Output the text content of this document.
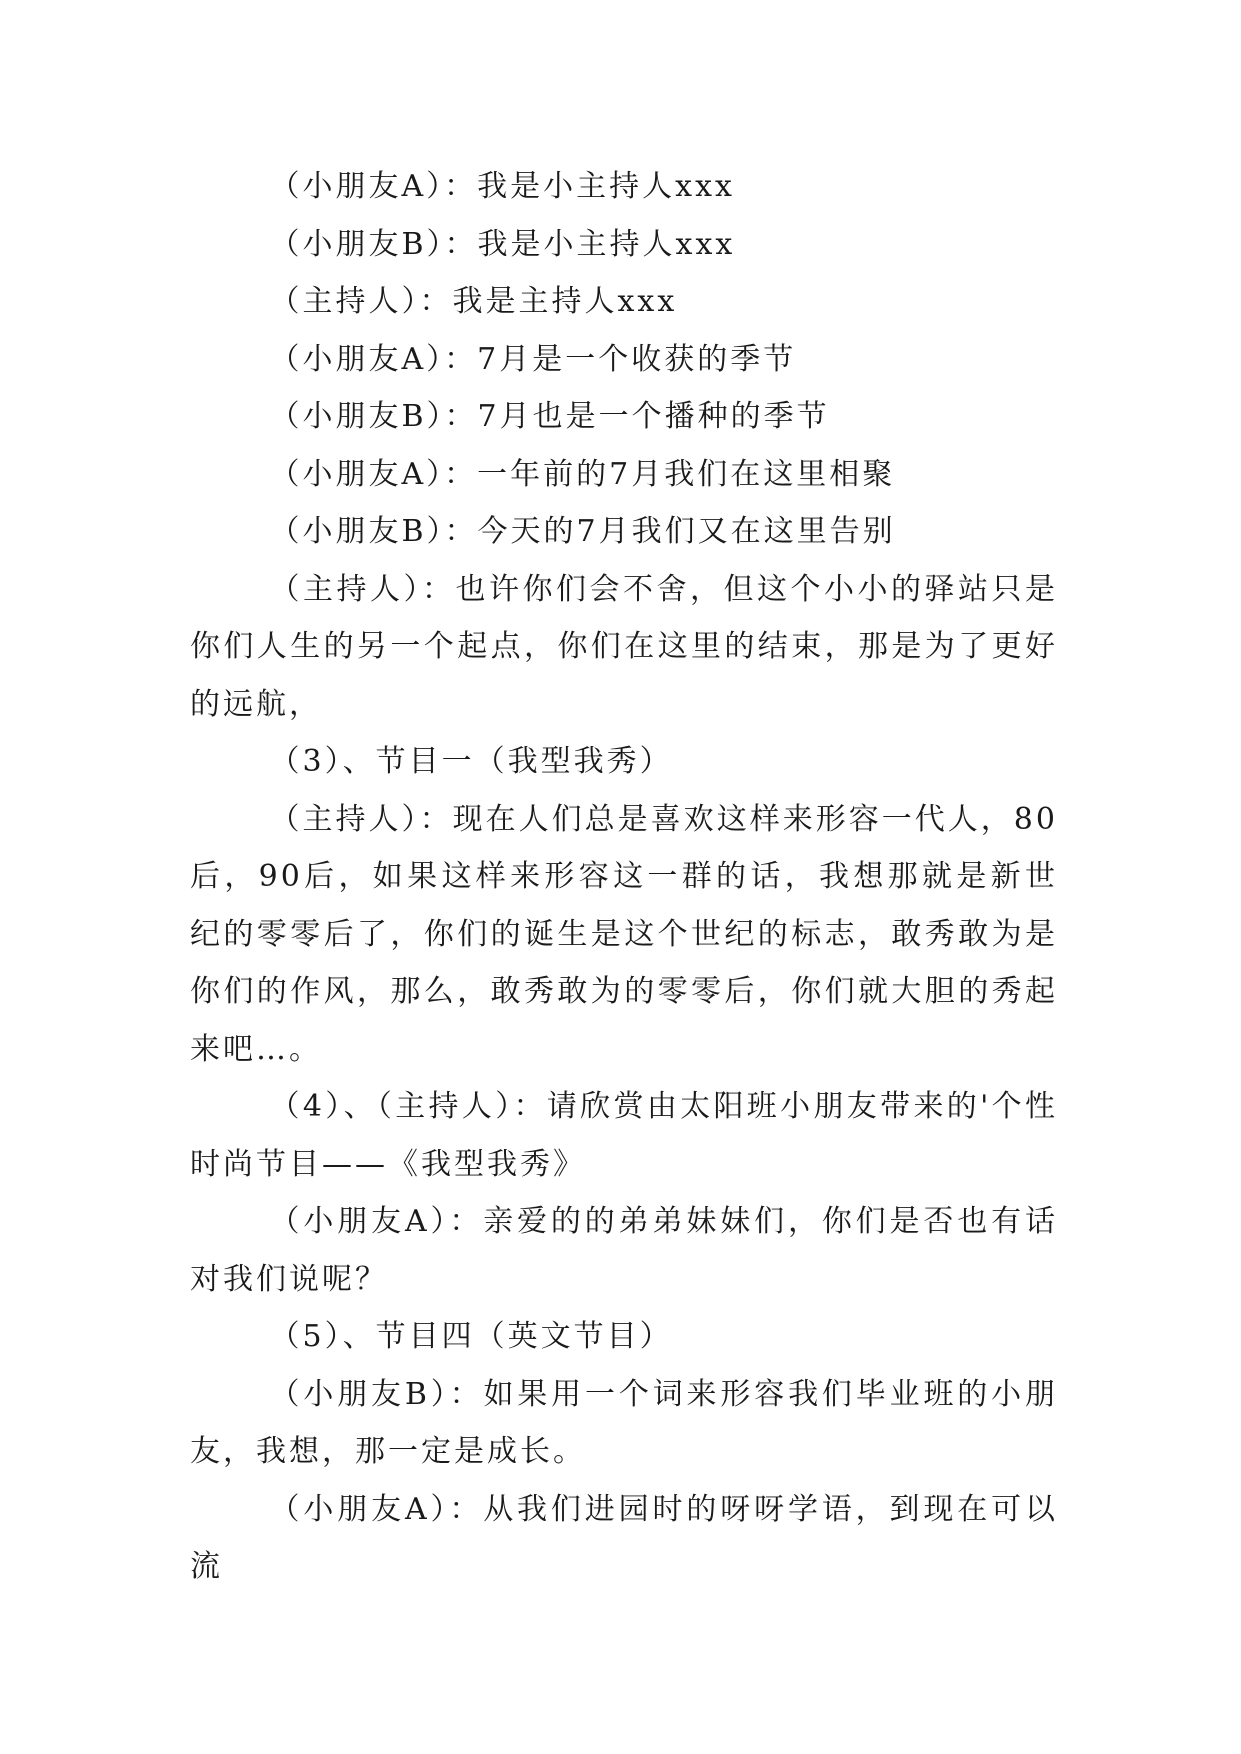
（小朋友A）：我是小主持人xxx

（小朋友B）：我是小主持人xxx

（主持人）：我是主持人xxx

（小朋友A）：7月是一个收获的季节

（小朋友B）：7月也是一个播种的季节

（小朋友A）：一年前的7月我们在这里相聚

（小朋友B）：今天的7月我们又在这里告别

（主持人）：也许你们会不舍，但这个小小的驿站只是你们人生的另一个起点，你们在这里的结束，那是为了更好的远航，

（3）、节目一（我型我秀）

（主持人）：现在人们总是喜欢这样来形容一代人，80后，90后，如果这样来形容这一群的话，我想那就是新世纪的零零后了，你们的诞生是这个世纪的标志，敢秀敢为是你们的作风，那么，敢秀敢为的零零后，你们就大胆的秀起来吧…。

（4）、（主持人）：请欣赏由太阳班小朋友带来的'个性时尚节目——《我型我秀》

（小朋友A）：亲爱的的弟弟妹妹们，你们是否也有话对我们说呢？

（5）、节目四（英文节目）

（小朋友B）：如果用一个词来形容我们毕业班的小朋友，我想，那一定是成长。

（小朋友A）：从我们进园时的呀呀学语，到现在可以流
